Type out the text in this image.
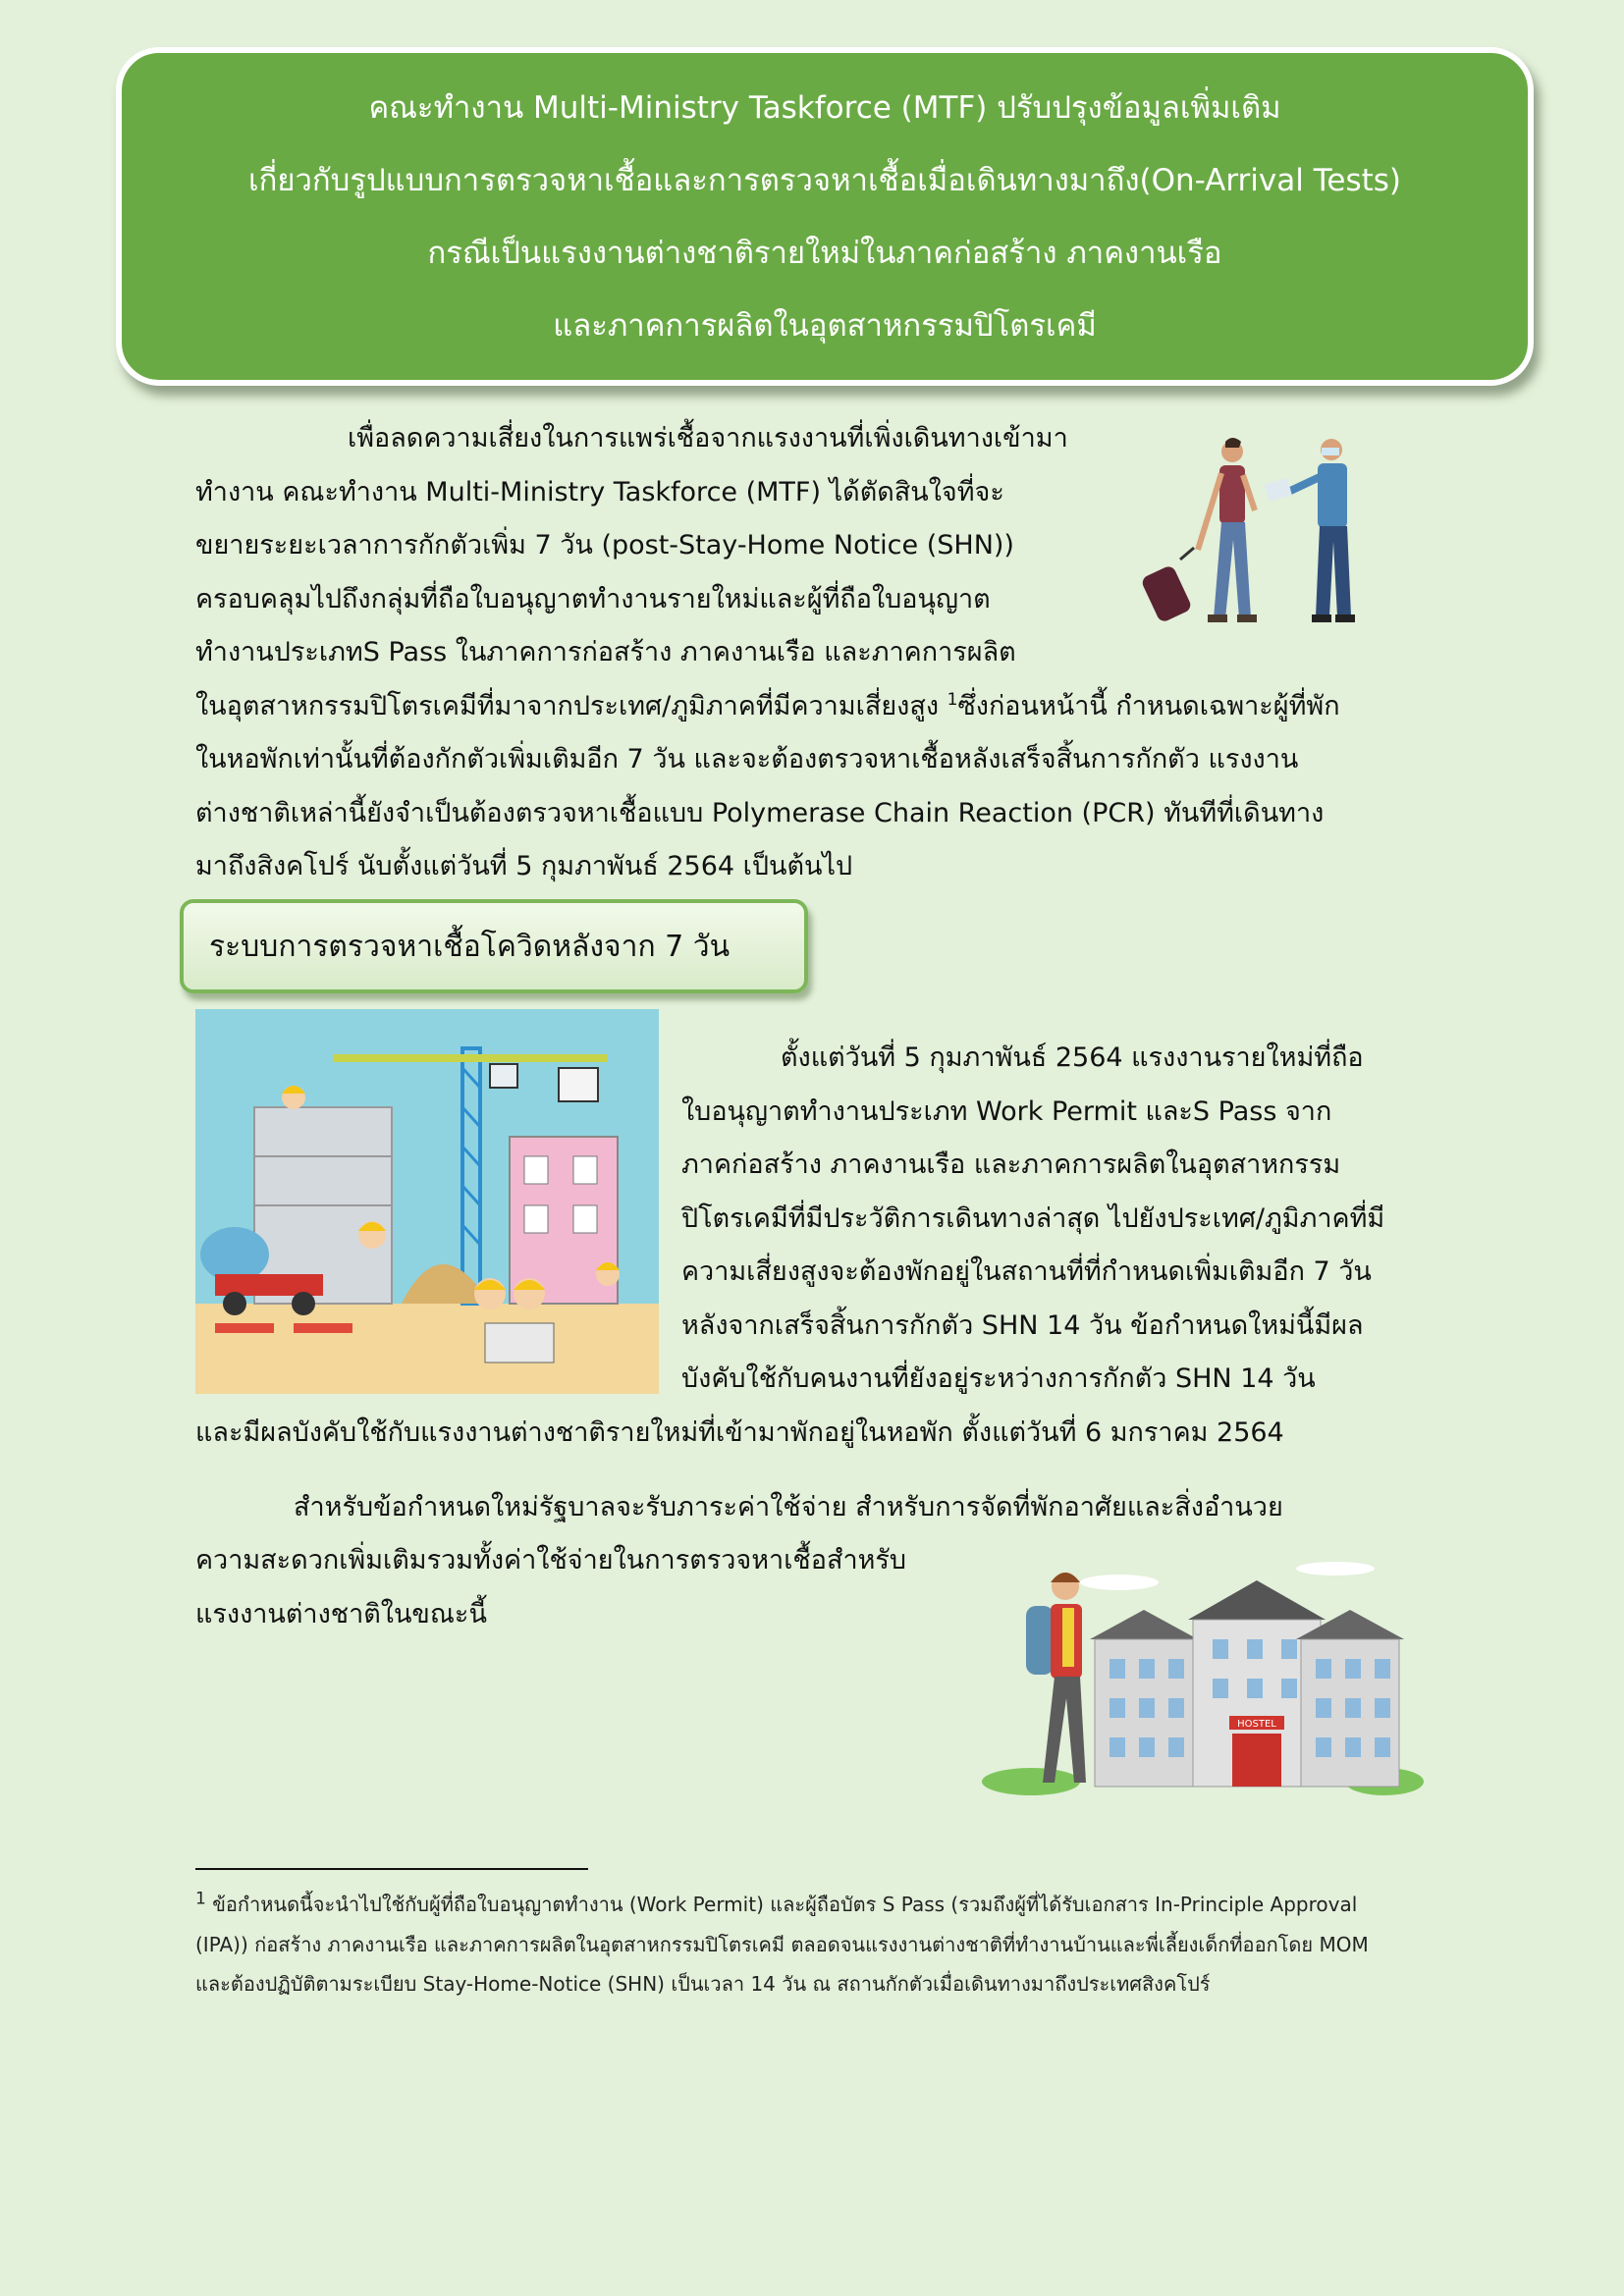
คณะทำงาน Multi-Ministry Taskforce (MTF) ปรับปรุงข้อมูลเพิ่มเติม
เกี่ยวกับรูปแบบการตรวจหาเชื้อและการตรวจหาเชื้อเมื่อเดินทางมาถึง(On-Arrival Tests)
กรณีเป็นแรงงานต่างชาติรายใหม่ในภาคก่อสร้าง ภาคงานเรือ
และภาคการผลิตในอุตสาหกรรมปิโตรเคมี
เพื่อลดความเสี่ยงในการแพร่เชื้อจากแรงงานที่เพิ่งเดินทางเข้ามา
ทำงาน คณะทำงาน Multi-Ministry Taskforce (MTF) ได้ตัดสินใจที่จะ
ขยายระยะเวลาการกักตัวเพิ่ม 7 วัน (post-Stay-Home Notice (SHN))
ครอบคลุมไปถึงกลุ่มที่ถือใบอนุญาตทำงานรายใหม่และผู้ที่ถือใบอนุญาต
ทำงานประเภทS Pass ในภาคการก่อสร้าง ภาคงานเรือ และภาคการผลิต
ในอุตสาหกรรมปิโตรเคมีที่มาจากประเทศ/ภูมิภาคที่มีความเสี่ยงสูง $^1$ซึ่งก่อนหน้านี้ กำหนดเฉพาะผู้ที่พัก
ในหอพักเท่านั้นที่ต้องกักตัวเพิ่มเติมอีก 7 วัน และจะต้องตรวจหาเชื้อหลังเสร็จสิ้นการกักตัว แรงงาน
ต่างชาติเหล่านี้ยังจำเป็นต้องตรวจหาเชื้อแบบ Polymerase Chain Reaction (PCR) ทันทีที่เดินทาง
มาถึงสิงคโปร์ นับตั้งแต่วันที่ 5 กุมภาพันธ์ 2564 เป็นต้นไป
ระบบการตรวจหาเชื้อโควิดหลังจาก 7 วัน
ตั้งแต่วันที่ 5 กุมภาพันธ์ 2564 แรงงานรายใหม่ที่ถือ
ใบอนุญาตทำงานประเภท Work Permit และS Pass จาก
ภาคก่อสร้าง ภาคงานเรือ และภาคการผลิตในอุตสาหกรรม
ปิโตรเคมีที่มีประวัติการเดินทางล่าสุด ไปยังประเทศ/ภูมิภาคที่มี
ความเสี่ยงสูงจะต้องพักอยู่ในสถานที่ที่กำหนดเพิ่มเติมอีก 7 วัน
หลังจากเสร็จสิ้นการกักตัว SHN 14 วัน ข้อกำหนดใหม่นี้มีผล
บังคับใช้กับคนงานที่ยังอยู่ระหว่างการกักตัว SHN 14 วัน
และมีผลบังคับใช้กับแรงงานต่างชาติรายใหม่ที่เข้ามาพักอยู่ในหอพัก ตั้งแต่วันที่ 6 มกราคม 2564
สำหรับข้อกำหนดใหม่รัฐบาลจะรับภาระค่าใช้จ่าย สำหรับการจัดที่พักอาศัยและสิ่งอำนวย
ความสะดวกเพิ่มเติมรวมทั้งค่าใช้จ่ายในการตรวจหาเชื้อสำหรับ
แรงงานต่างชาติในขณะนี้
HOSTEL
$^1$ ข้อกำหนดนี้จะนำไปใช้กับผู้ที่ถือใบอนุญาตทำงาน (Work Permit) และผู้ถือบัตร S Pass (รวมถึงผู้ที่ได้รับเอกสาร In-Principle Approval
(IPA)) ก่อสร้าง ภาคงานเรือ และภาคการผลิตในอุตสาหกรรมปิโตรเคมี ตลอดจนแรงงานต่างชาติที่ทำงานบ้านและพี่เลี้ยงเด็กที่ออกโดย MOM
และต้องปฏิบัติตามระเบียบ Stay-Home-Notice (SHN) เป็นเวลา 14 วัน ณ สถานกักตัวเมื่อเดินทางมาถึงประเทศสิงคโปร์
